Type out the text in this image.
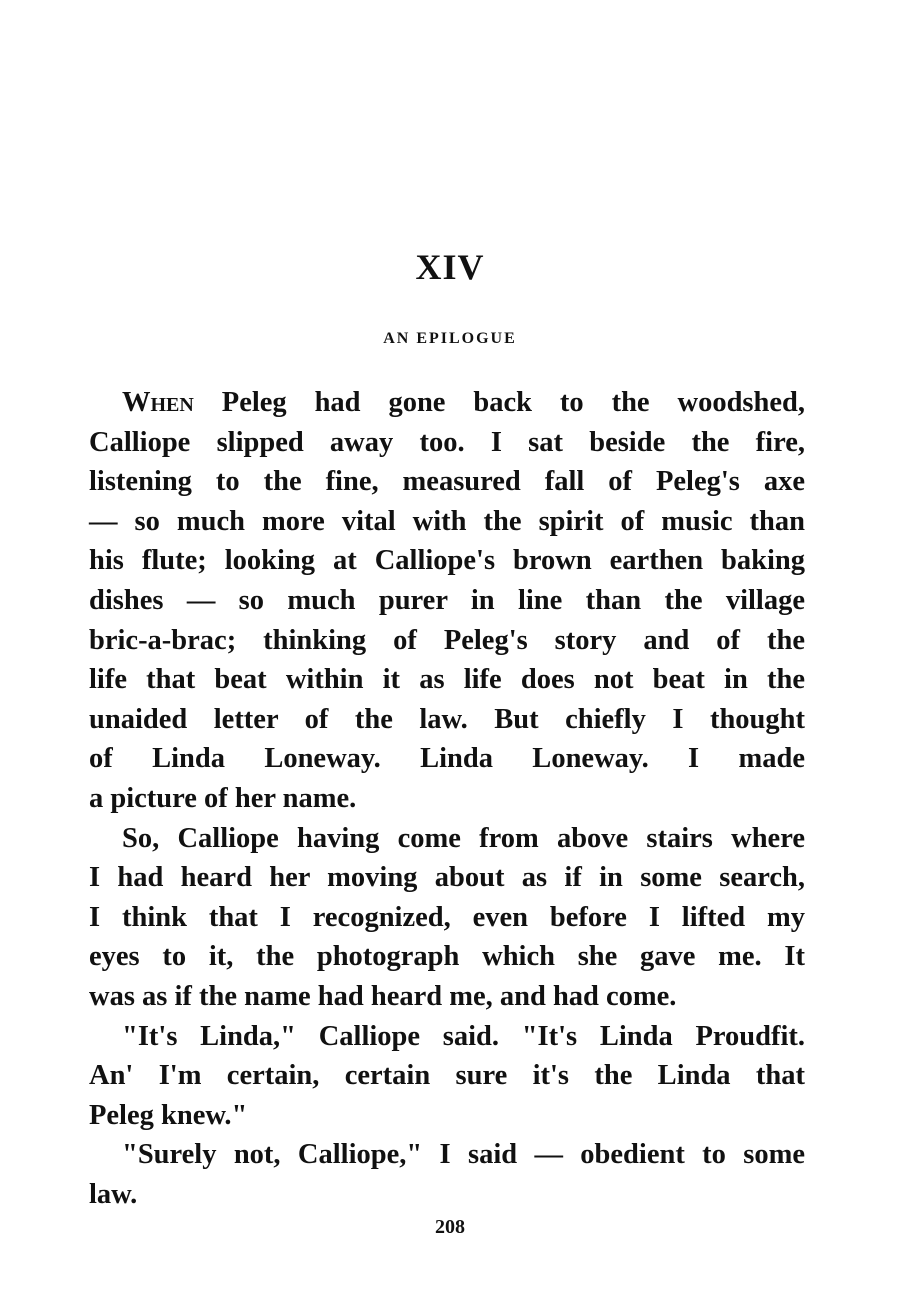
XIV
AN EPILOGUE
When Peleg had gone back to the woodshed,
Calliope slipped away too. I sat beside the fire,
listening to the fine, measured fall of Peleg's axe
— so much more vital with the spirit of music than
his flute; looking at Calliope's brown earthen baking
dishes — so much purer in line than the village
bric-a-brac; thinking of Peleg's story and of the
life that beat within it as life does not beat in the
unaided letter of the law. But chiefly I thought
of Linda Loneway. Linda Loneway. I made
a picture of her name.
So, Calliope having come from above stairs where
I had heard her moving about as if in some search,
I think that I recognized, even before I lifted my
eyes to it, the photograph which she gave me. It
was as if the name had heard me, and had come.
"It's Linda," Calliope said. "It's Linda Proudfit.
An' I'm certain, certain sure it's the Linda that
Peleg knew."
"Surely not, Calliope," I said — obedient to some
law.
208
